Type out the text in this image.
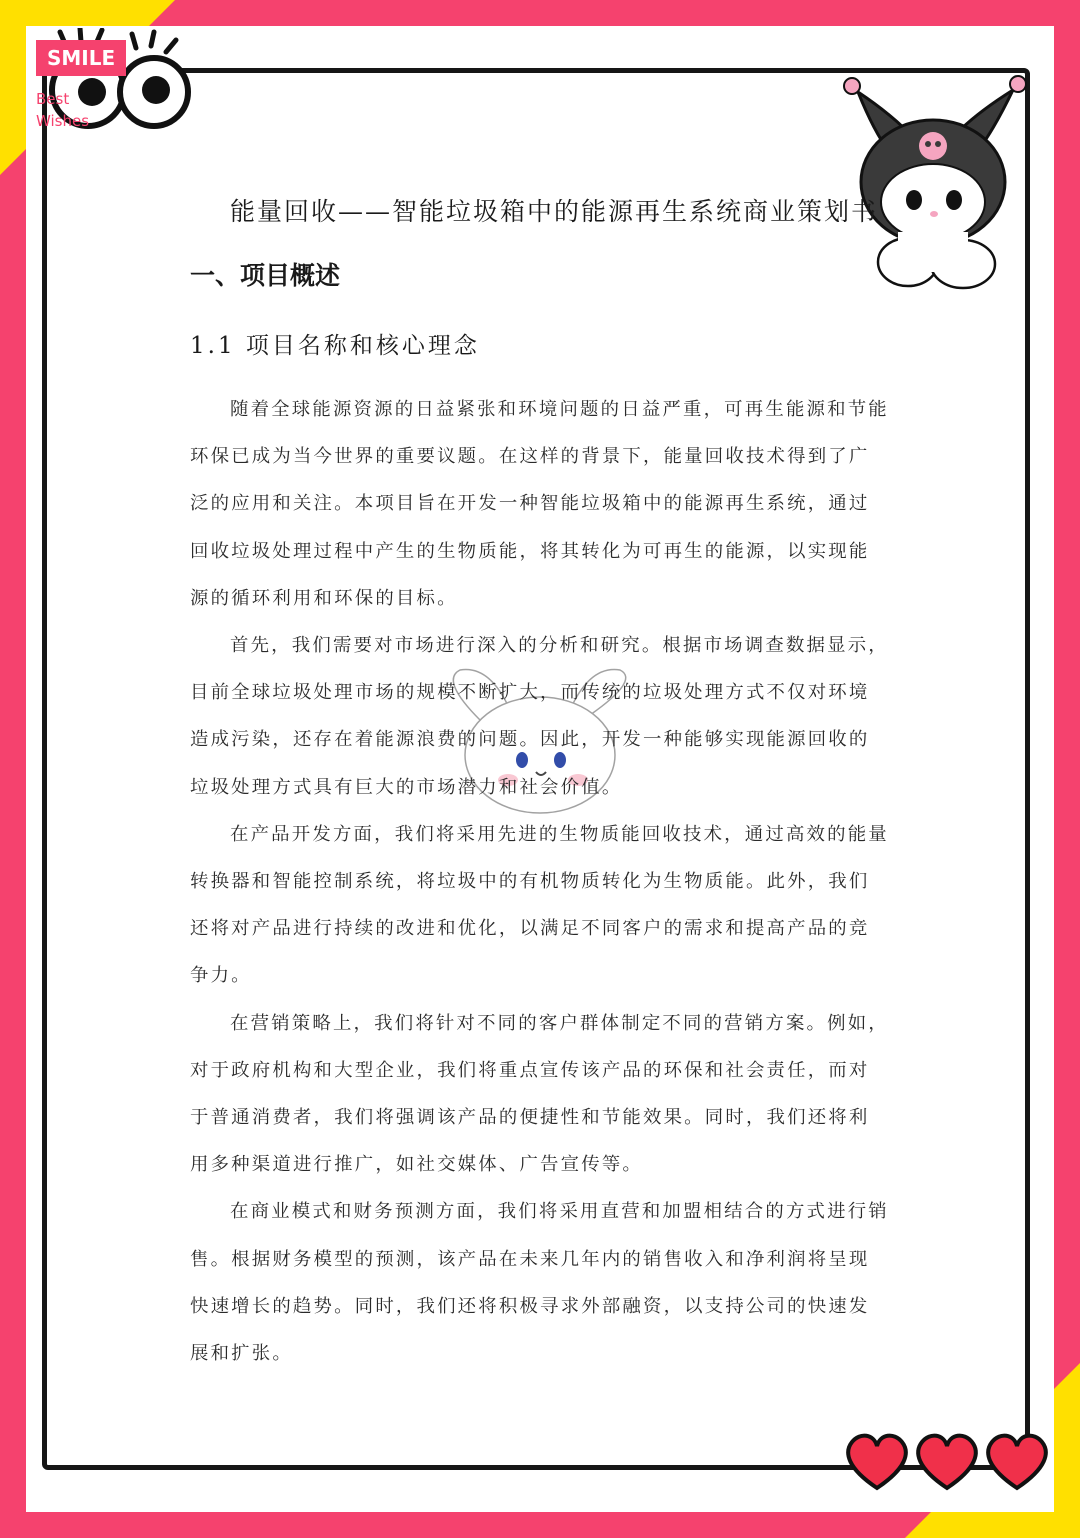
SMILE
Best
Wishes
能量回收——智能垃圾箱中的能源再生系统商业策划书
一、项目概述
1.1 项目名称和核心理念

随着全球能源资源的日益紧张和环境问题的日益严重，可再生能源和节能环保已成为当今世界的重要议题。在这样的背景下，能量回收技术得到了广泛的应用和关注。本项目旨在开发一种智能垃圾箱中的能源再生系统，通过回收垃圾处理过程中产生的生物质能，将其转化为可再生的能源，以实现能源的循环利用和环保的目标。

首先，我们需要对市场进行深入的分析和研究。根据市场调查数据显示，目前全球垃圾处理市场的规模不断扩大，而传统的垃圾处理方式不仅对环境造成污染，还存在着能源浪费的问题。因此，开发一种能够实现能源回收的垃圾处理方式具有巨大的市场潜力和社会价值。

在产品开发方面，我们将采用先进的生物质能回收技术，通过高效的能量转换器和智能控制系统，将垃圾中的有机物质转化为生物质能。此外，我们还将对产品进行持续的改进和优化，以满足不同客户的需求和提高产品的竞争力。

在营销策略上，我们将针对不同的客户群体制定不同的营销方案。例如，对于政府机构和大型企业，我们将重点宣传该产品的环保和社会责任，而对于普通消费者，我们将强调该产品的便捷性和节能效果。同时，我们还将利用多种渠道进行推广，如社交媒体、广告宣传等。

在商业模式和财务预测方面，我们将采用直营和加盟相结合的方式进行销售。根据财务模型的预测，该产品在未来几年内的销售收入和净利润将呈现快速增长的趋势。同时，我们还将积极寻求外部融资，以支持公司的快速发展和扩张。
